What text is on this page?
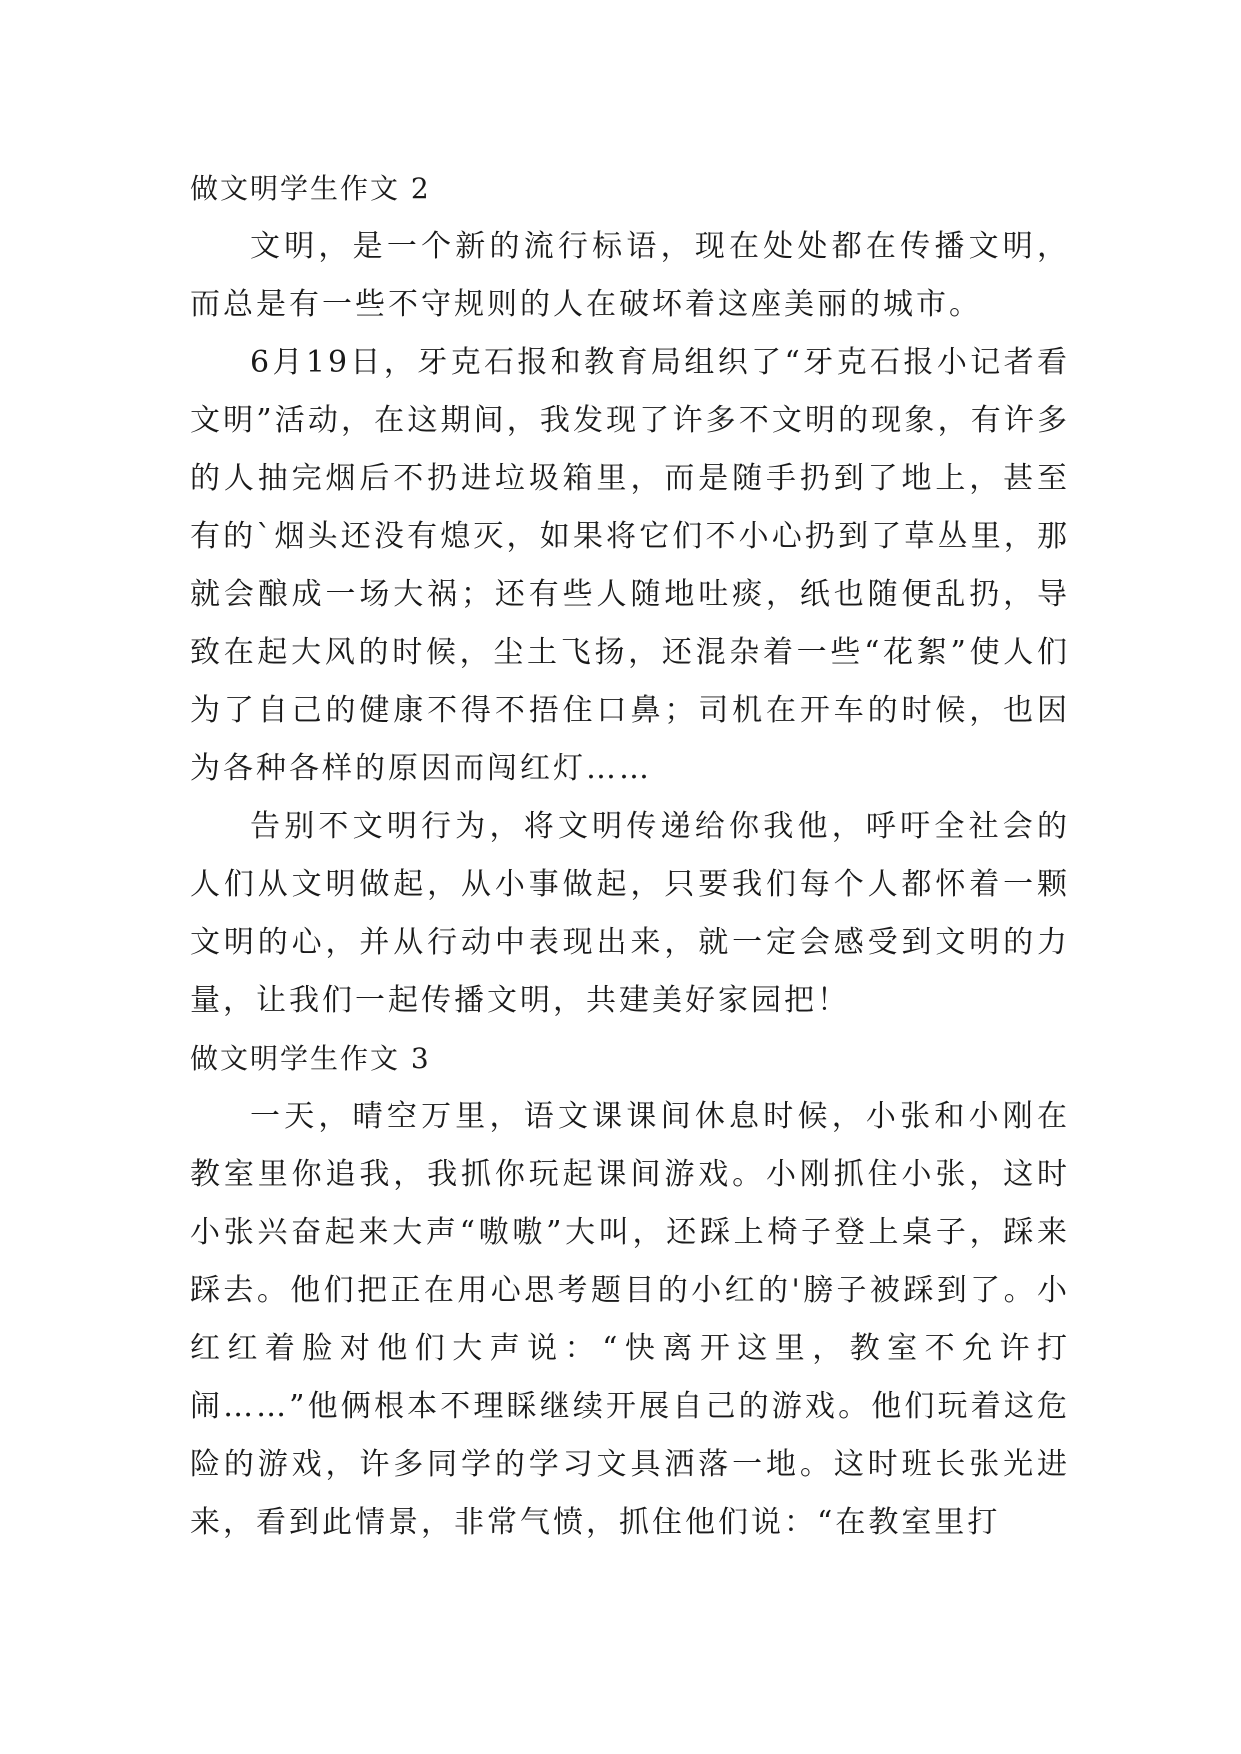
做文明学生作文 2

文明，是一个新的流行标语，现在处处都在传播文明，而总是有一些不守规则的人在破坏着这座美丽的城市。

6月19日，牙克石报和教育局组织了“牙克石报小记者看文明”活动，在这期间，我发现了许多不文明的现象，有许多的人抽完烟后不扔进垃圾箱里，而是随手扔到了地上，甚至有的`烟头还没有熄灭，如果将它们不小心扔到了草丛里，那就会酿成一场大祸；还有些人随地吐痰，纸也随便乱扔，导致在起大风的时候，尘土飞扬，还混杂着一些“花絮”使人们为了自己的健康不得不捂住口鼻；司机在开车的时候，也因为各种各样的原因而闯红灯……

告别不文明行为，将文明传递给你我他，呼吁全社会的人们从文明做起，从小事做起，只要我们每个人都怀着一颗文明的心，并从行动中表现出来，就一定会感受到文明的力量，让我们一起传播文明，共建美好家园把！

做文明学生作文 3

一天，晴空万里，语文课课间休息时候，小张和小刚在教室里你追我，我抓你玩起课间游戏。小刚抓住小张，这时小张兴奋起来大声“嗷嗷”大叫，还踩上椅子登上桌子，踩来踩去。他们把正在用心思考题目的小红的'膀子被踩到了。小红红着脸对他们大声说：“快离开这里，教室不允许打闹……”他俩根本不理睬继续开展自己的游戏。他们玩着这危险的游戏，许多同学的学习文具洒落一地。这时班长张光进来，看到此情景，非常气愤，抓住他们说：“在教室里打
